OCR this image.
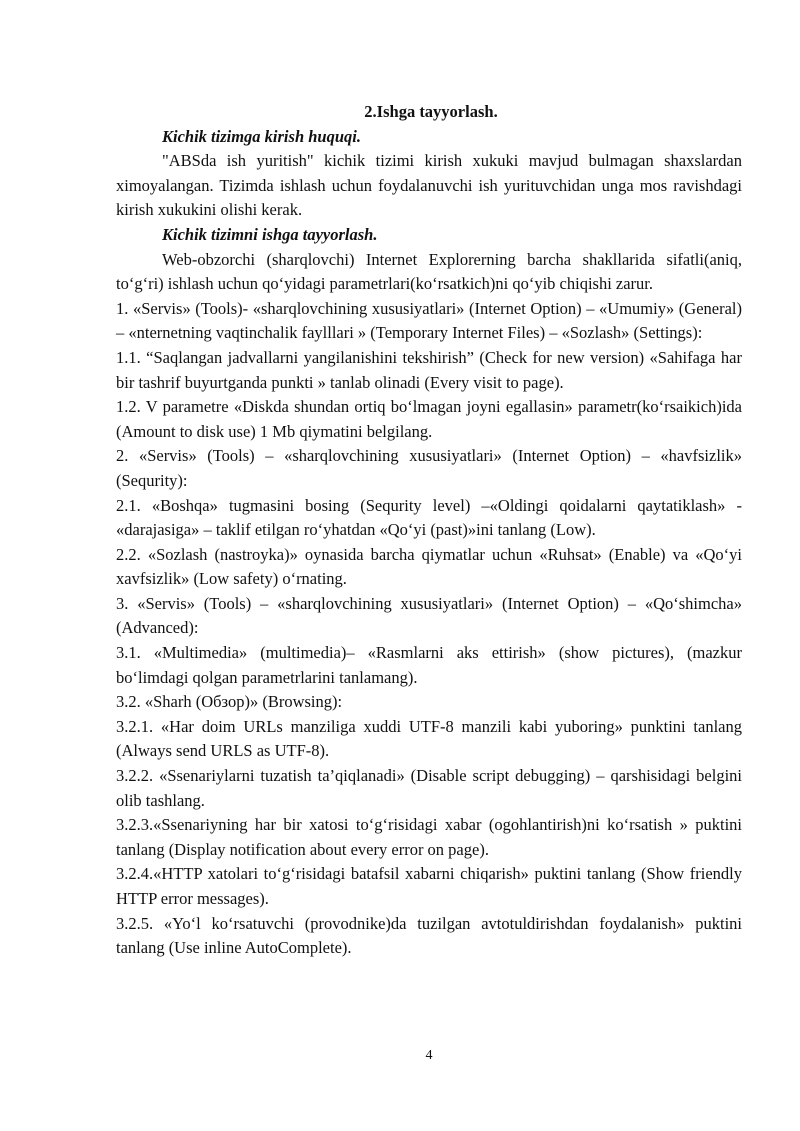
2.Ishga tayyorlash.

Kichik tizimga kirish huquqi.

"ABSda ish yuritish" kichik tizimi kirish xukuki mavjud bulmagan shaxslardan ximoyalangan. Tizimda ishlash uchun foydalanuvchi ish yurituvchidan unga mos ravishdagi kirish xukukini olishi kerak.

Kichik tizimni ishga tayyorlash.

Web-obzorchi (sharqlovchi) Internet Explorerning barcha shakllarida sifatli(aniq, to‘g‘ri) ishlash uchun qo‘yidagi parametrlari(ko‘rsatkich)ni qo‘yib chiqishi zarur.

1. «Servis» (Tools)- «sharqlovchining xususiyatlari» (Internet Option) – «Umumiy» (General) – «nternetning vaqtinchalik faylllari » (Temporary Internet Files) – «Sozlash» (Settings):

1.1. “Saqlangan jadvallarni yangilanishini tekshirish” (Check for new version) «Sahifaga har bir tashrif buyurtganda punkti » tanlab olinadi (Every visit to page).

1.2. V parametre «Diskda shundan ortiq bo‘lmagan joyni egallasin» parametr(ko‘rsaikich)ida (Amount to disk use) 1 Mb qiymatini belgilang.

2. «Servis» (Tools) – «sharqlovchining xususiyatlari» (Internet Option) – «havfsizlik» (Sequrity):

2.1. «Boshqa» tugmasini bosing (Sequrity level) –«Oldingi qoidalarni qaytatiklash» - «darajasiga» – taklif etilgan ro‘yhatdan «Qo‘yi (past)»ini tanlang (Low).

2.2. «Sozlash (nastroyka)» oynasida barcha qiymatlar uchun «Ruhsat» (Enable) va «Qo‘yi xavfsizlik» (Low safety) o‘rnating.

3. «Servis» (Tools) – «sharqlovchining xususiyatlari» (Internet Option) – «Qo‘shimcha» (Advanced):

3.1. «Multimedia» (multimedia)– «Rasmlarni aks ettirish» (show pictures), (mazkur bo‘limdagi qolgan parametrlarini tanlamang).

3.2. «Sharh (Обзор)» (Browsing):

3.2.1. «Har doim URLs manziliga xuddi UTF-8 manzili kabi yuboring» punktini tanlang (Always send URLS as UTF-8).

3.2.2. «Ssenariylarni tuzatish ta’qiqlanadi» (Disable script debugging) – qarshisidagi belgini olib tashlang.

3.2.3.«Ssenariyning har bir xatosi to‘g‘risidagi xabar (ogohlantirish)ni ko‘rsatish » puktini tanlang (Display notification about every error on page).

3.2.4.«HTTP xatolari to‘g‘risidagi batafsil xabarni chiqarish» puktini tanlang (Show friendly HTTP error messages).

3.2.5. «Yo‘l ko‘rsatuvchi (provodnike)da tuzilgan avtotuldirishdan foydalanish» puktini tanlang (Use inline AutoComplete).

4
